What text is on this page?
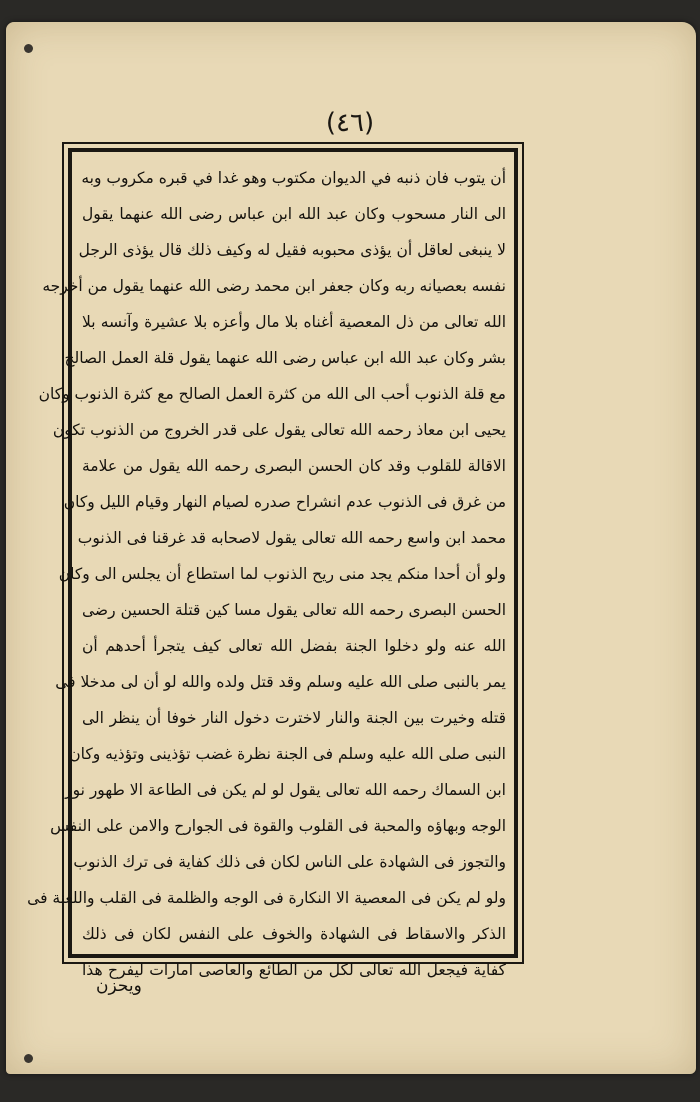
(٤٦)
أن يتوب فان ذنبه في الديوان مكتوب وهو غدا في قبره مكروب وبه
الى النار مسحوب وكان عبد الله ابن عباس رضى الله عنهما يقول
لا ينبغى لعاقل أن يؤذى محبوبه فقيل له وكيف ذلك قال يؤذى الرجل
نفسه بعصيانه ربه وكان جعفر ابن محمد رضى الله عنهما يقول من أخرجه
الله تعالى من ذل المعصية أغناه بلا مال وأعزه بلا عشيرة وآنسه بلا
بشر وكان عبد الله ابن عباس رضى الله عنهما يقول قلة العمل الصالح
مع قلة الذنوب أحب الى الله من كثرة العمل الصالح مع كثرة الذنوب وكان
يحيى ابن معاذ رحمه الله تعالى يقول على قدر الخروج من الذنوب تكون
الاقالة للقلوب وقد كان الحسن البصرى رحمه الله يقول من علامة
من غرق فى الذنوب عدم انشراح صدره لصيام النهار وقيام الليل وكان
محمد ابن واسع رحمه الله تعالى يقول لاصحابه قد غرقنا فى الذنوب
ولو أن أحدا منكم يجد منى ريح الذنوب لما استطاع أن يجلس الى وكان
الحسن البصرى رحمه الله تعالى يقول مسا كين قتلة الحسين رضى
الله عنه ولو دخلوا الجنة بفضل الله تعالى كيف يتجرأ أحدهم أن
يمر بالنبى صلى الله عليه وسلم وقد قتل ولده والله لو أن لى مدخلا فى
قتله وخيرت بين الجنة والنار لاخترت دخول النار خوفا أن ينظر الى
النبى صلى الله عليه وسلم فى الجنة نظرة غضب تؤذينى وتؤذيه وكان
ابن السماك رحمه الله تعالى يقول لو لم يكن فى الطاعة الا طهور نور
الوجه وبهاؤه والمحبة فى القلوب والقوة فى الجوارح والامن على النفس
والتجوز فى الشهادة على الناس لكان فى ذلك كفاية فى ترك الذنوب
ولو لم يكن فى المعصية الا النكارة فى الوجه والظلمة فى القلب واللعنة فى
الذكر والاسقاط فى الشهادة والخوف على النفس لكان فى ذلك
كفاية فيجعل الله تعالى لكل من الطائع والعاصى امارات ليفرح هذا
ويحزن
